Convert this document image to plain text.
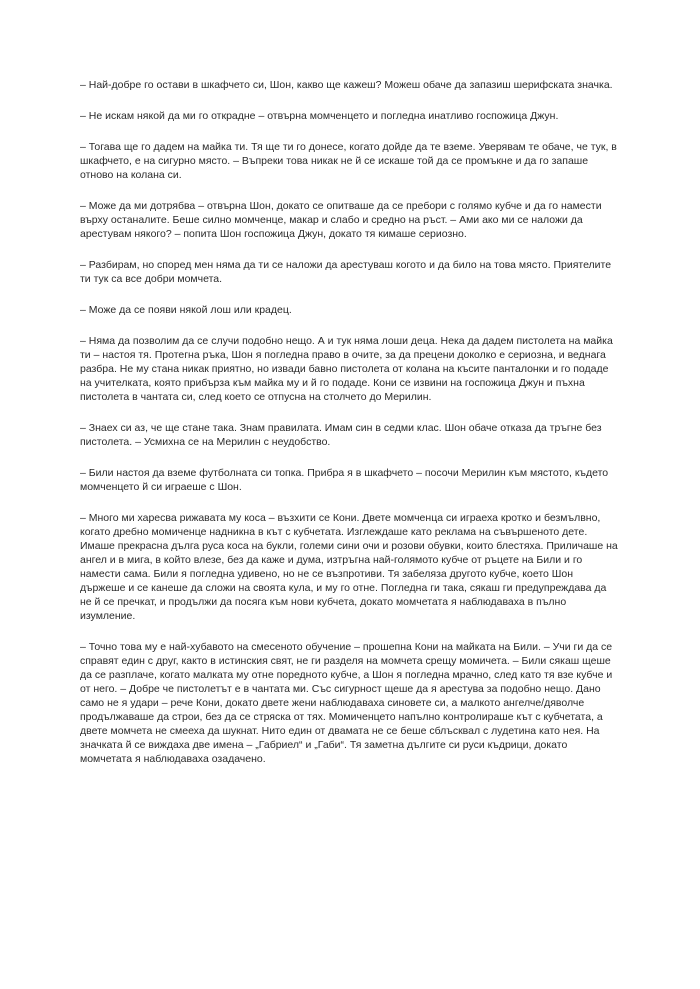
– Най-добре го остави в шкафчето си, Шон, какво ще кажеш? Можеш обаче да запазиш шерифската значка.

– Не искам някой да ми го открадне – отвърна момченцето и погледна инатливо госпожица Джун.

– Тогава ще го дадем на майка ти. Тя ще ти го донесе, когато дойде да те вземе. Уверявам те обаче, че тук, в шкафчето, е на сигурно място. – Въпреки това никак не й се искаше той да се промъкне и да го запаше отново на колана си.

– Може да ми дотрябва – отвърна Шон, докато се опитваше да се пребори с голямо кубче и да го намести върху останалите. Беше силно момченце, макар и слабо и средно на ръст. – Ами ако ми се наложи да арестувам някого? – попита Шон госпожица Джун, докато тя кимаше сериозно.

– Разбирам, но според мен няма да ти се наложи да арестуваш когото и да било на това място. Приятелите ти тук са все добри момчета.

– Може да се появи някой лош или крадец.

– Няма да позволим да се случи подобно нещо. А и тук няма лоши деца. Нека да дадем пистолета на майка ти – настоя тя. Протегна ръка, Шон я погледна право в очите, за да прецени доколко е сериозна, и веднага разбра. Не му стана никак приятно, но извади бавно пистолета от колана на късите панталонки и го подаде на учителката, която прибърза към майка му и й го подаде. Кони се извини на госпожица Джун и пъхна пистолета в чантата си, след което се отпусна на столчето до Мерилин.

– Знаех си аз, че ще стане така. Знам правилата. Имам син в седми клас. Шон обаче отказа да тръгне без пистолета. – Усмихна се на Мерилин с неудобство.

– Били настоя да вземе футболната си топка. Прибра я в шкафчето – посочи Мерилин към мястото, където момченцето й си играеше с Шон.

– Много ми харесва рижавата му коса – възхити се Кони. Двете момченца си играеха кротко и безмълвно, когато дребно момиченце надникна в кът с кубчетата. Изглеждаше като реклама на съвършеното дете. Имаше прекрасна дълга руса коса на букли, големи сини очи и розови обувки, които блестяха. Приличаше на ангел и в мига, в който влезе, без да каже и дума, изтръгна най-голямото кубче от ръцете на Били и го намести сама. Били я погледна удивено, но не се възпротиви. Тя забеляза другото кубче, което Шон държеше и се канеше да сложи на своята кула, и му го отне. Погледна ги така, сякаш ги предупреждава да не й се пречкат, и продължи да посяга към нови кубчета, докато момчетата я наблюдаваха в пълно изумление.

– Точно това му е най-хубавото на смесеното обучение – прошепна Кони на майката на Били. – Учи ги да се справят един с друг, както в истинския свят, не ги разделя на момчета срещу момичета. – Били сякаш щеше да се разплаче, когато малката му отне поредното кубче, а Шон я погледна мрачно, след като тя взе кубче и от него. – Добре че пистолетът е в чантата ми. Със сигурност щеше да я арестува за подобно нещо. Дано само не я удари – рече Кони, докато двете жени наблюдаваха синовете си, а малкото ангелче/дяволче продължаваше да строи, без да се стряска от тях. Момиченцето напълно контролираше кът с кубчетата, а двете момчета не смееха да шукнат. Нито един от двамата не се беше сблъсквал с лудетина като нея. На значката й се виждаха две имена – „Габриел“ и „Габи“. Тя заметна дългите си руси къдрици, докато момчетата я наблюдаваха озадачено.
